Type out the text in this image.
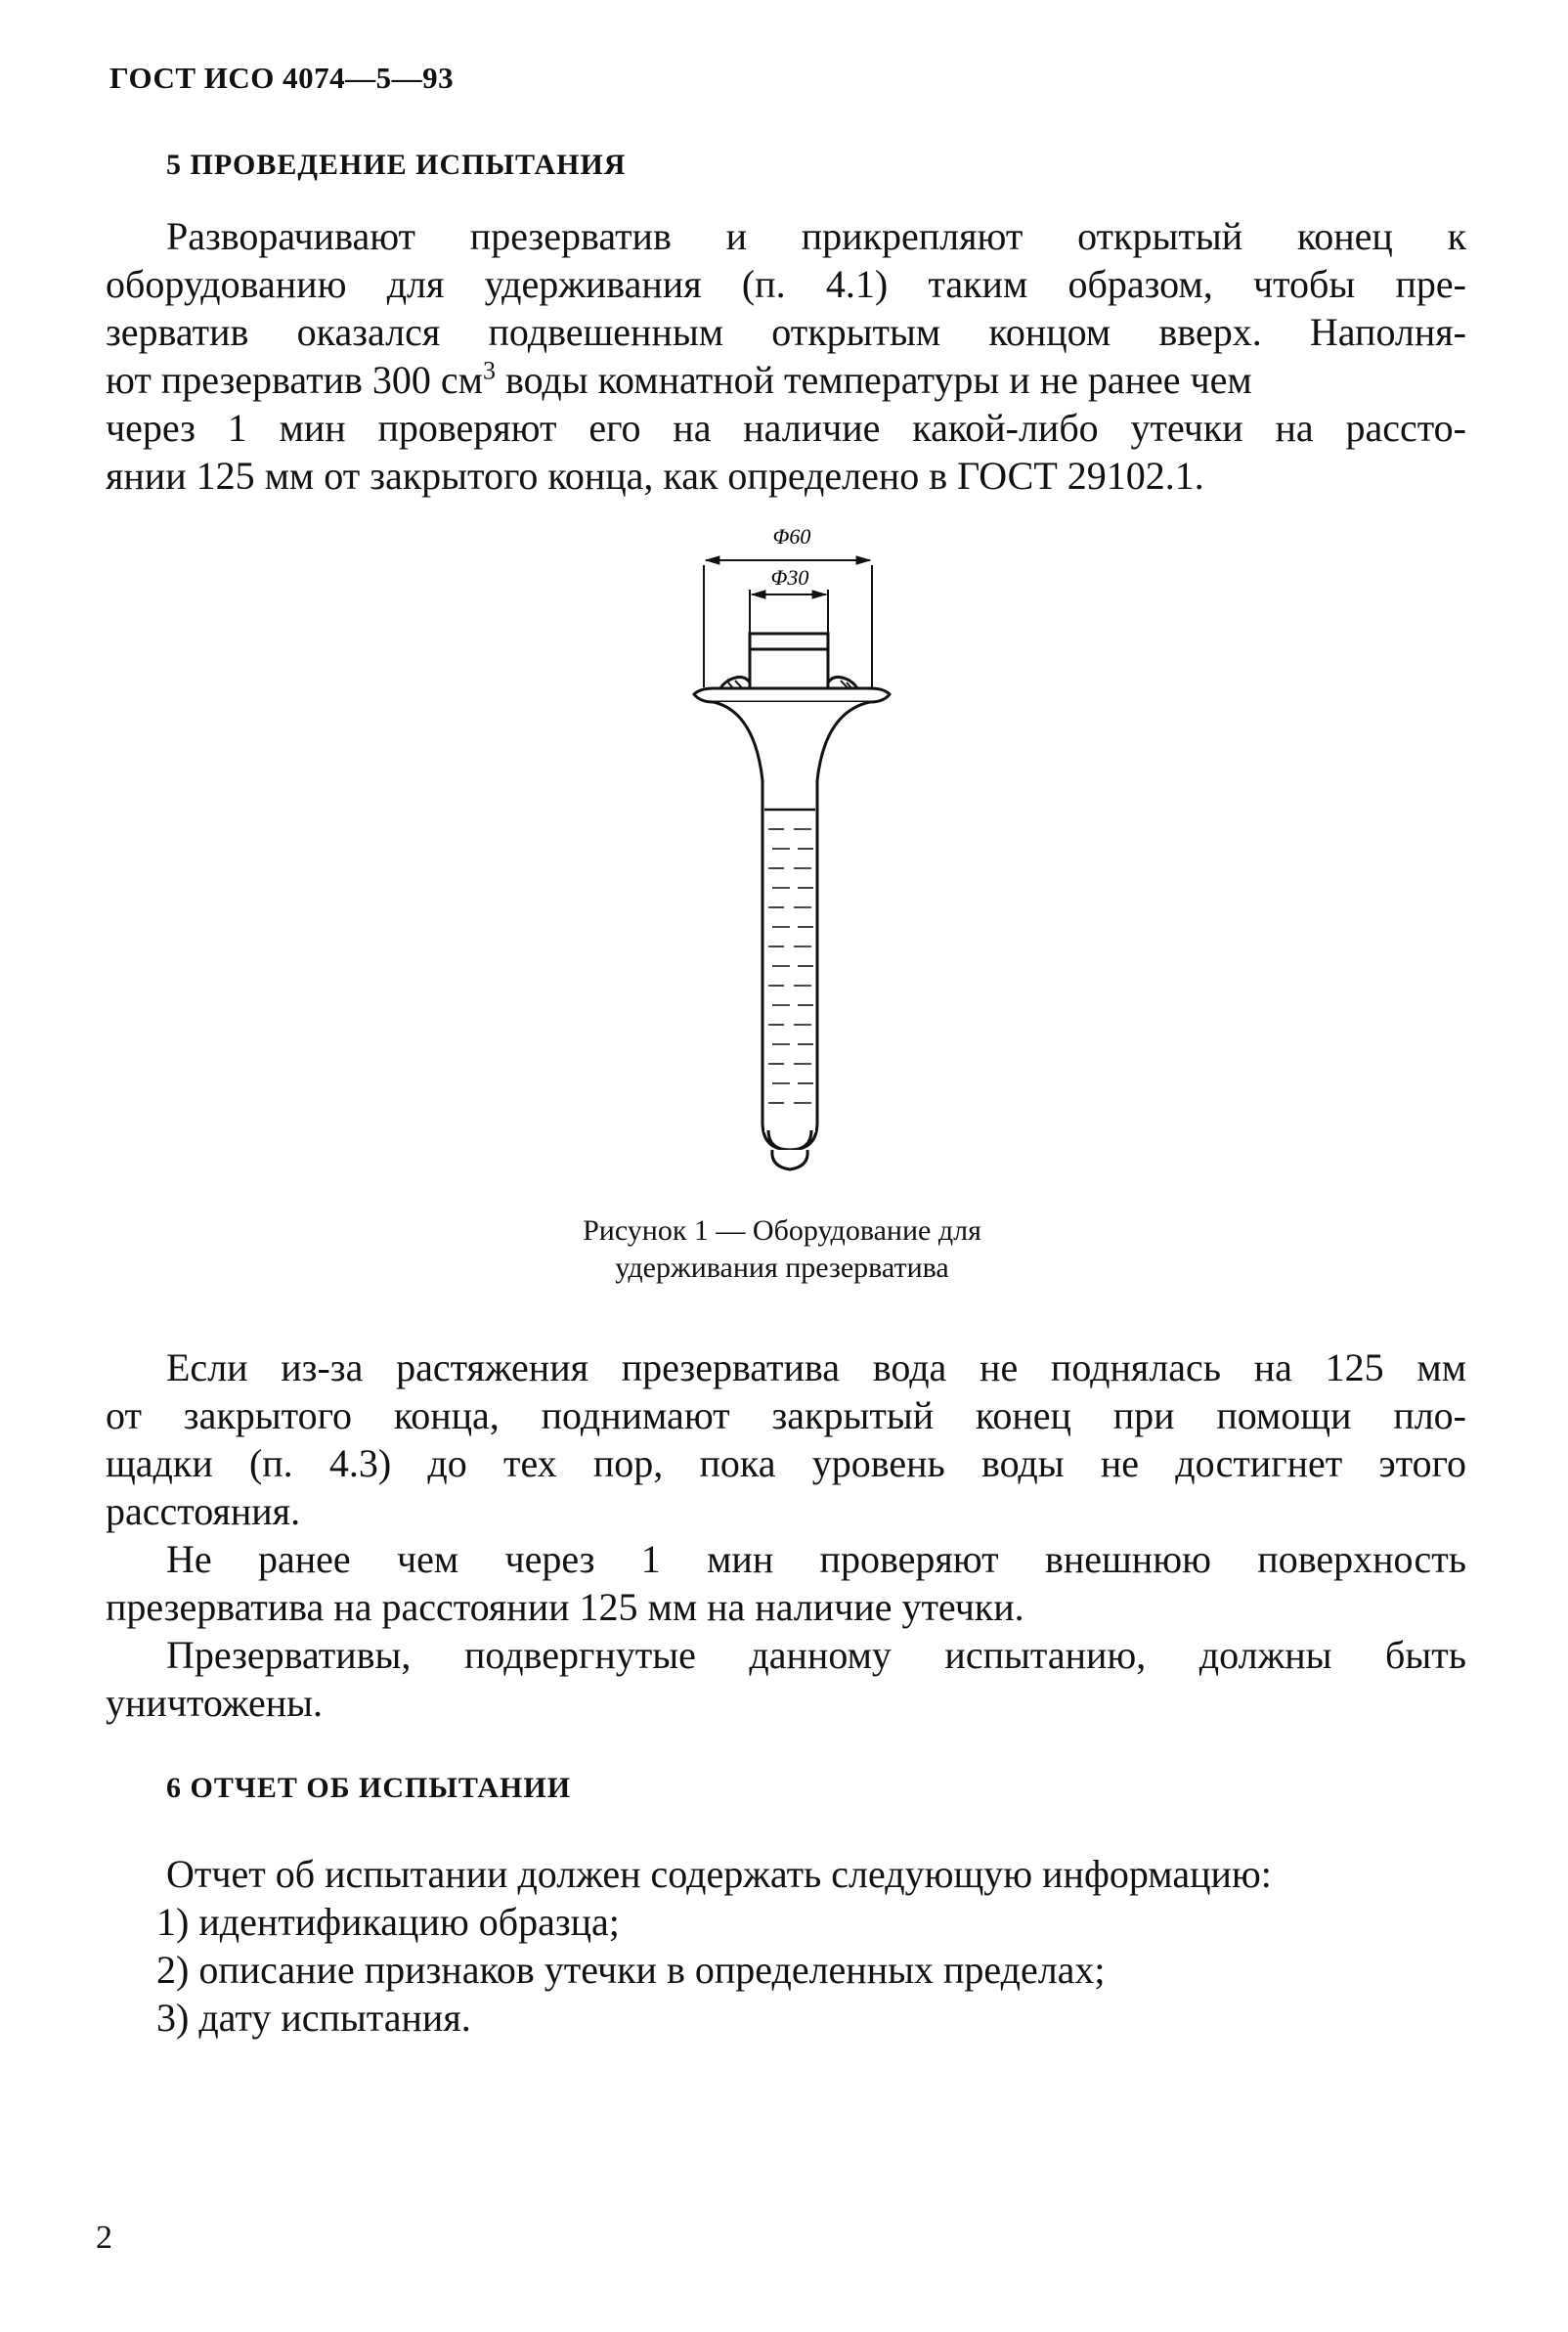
ГОСТ ИСО 4074—5—93
5 ПРОВЕДЕНИЕ ИСПЫТАНИЯ
Разворачивают презерватив и прикрепляют открытый конец к
оборудованию для удерживания (п. 4.1) таким образом, чтобы пре-
зерватив оказался подвешенным открытым концом вверх. Наполня-
ют презерватив 300 $см^3$ воды комнатной температуры и не ранее чем
через 1 мин проверяют его на наличие какой-либо утечки на рассто-
янии 125 мм от закрытого конца, как определено в ГОСТ 29102.1.
Φ60
Φ30
Рисунок 1 — Оборудование для
удерживания презерватива
Если из-за растяжения презерватива вода не поднялась на 125 мм
от закрытого конца, поднимают закрытый конец при помощи пло-
щадки (п. 4.3) до тех пор, пока уровень воды не достигнет этого
расстояния.
Не ранее чем через 1 мин проверяют внешнюю поверхность
презерватива на расстоянии 125 мм на наличие утечки.
Презервативы, подвергнутые данному испытанию, должны быть
уничтожены.
6 ОТЧЕТ ОБ ИСПЫТАНИИ
Отчет об испытании должен содержать следующую информацию:
1) идентификацию образца;
2) описание признаков утечки в определенных пределах;
3) дату испытания.
2
